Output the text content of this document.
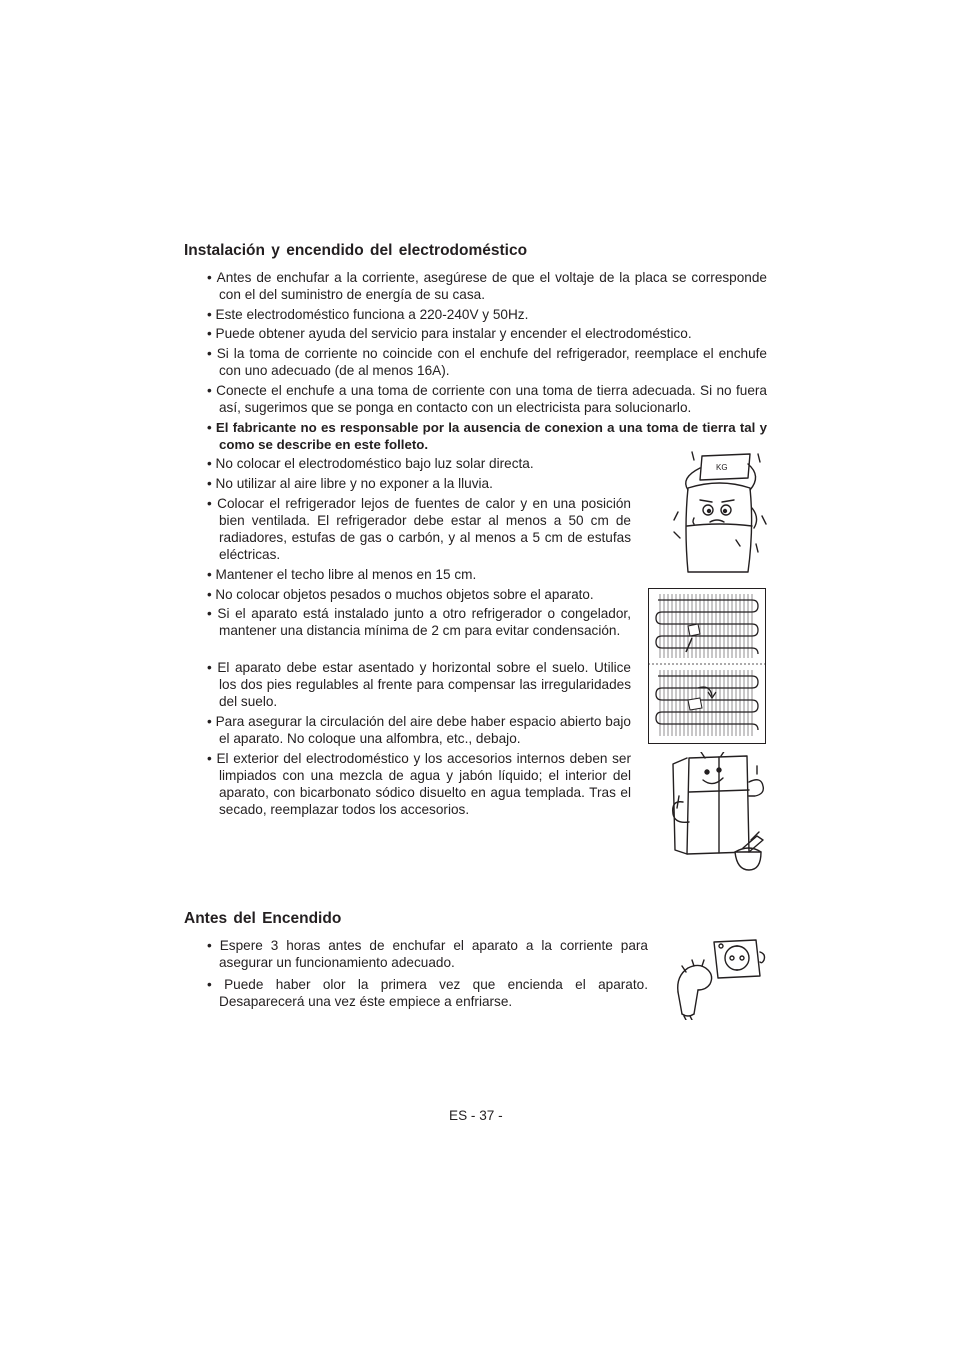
Instalación y encendido del electrodoméstico

• Antes de enchufar a la corriente, asegúrese de que el voltaje de la placa se corresponde con el del suministro de energía de su casa.

• Este electrodoméstico funciona a 220-240V y 50Hz.

• Puede obtener ayuda del servicio para instalar y encender el electrodoméstico.

• Si la toma de corriente no coincide con el enchufe del refrigerador, reemplace el enchufe con uno adecuado (de al menos 16A).

• Conecte el enchufe a una toma de corriente con una toma de tierra adecuada. Si no fuera así, sugerimos que se ponga en contacto con un electricista para solucionarlo.

• El fabricante no es responsable por la ausencia de conexion a una toma de tierra tal y como se describe en este folleto.

• No colocar el electrodoméstico bajo luz solar directa.

• No utilizar al aire libre y no exponer a la lluvia.

• Colocar el refrigerador lejos de fuentes de calor y en una posición bien ventilada. El refrigerador debe estar al menos a 50 cm de radiadores, estufas de gas o carbón, y al menos a 5 cm de estufas eléctricas.

• Mantener el techo libre al menos en 15 cm.

• No colocar objetos pesados o muchos objetos sobre el aparato.

• Si el aparato está instalado junto a otro refrigerador o congelador, mantener una distancia mínima de 2 cm para evitar condensación.

• El aparato debe estar asentado y horizontal sobre el suelo. Utilice los dos pies regulables al frente para compensar las irregularidades del suelo.

• Para asegurar la circulación del aire debe haber espacio abierto bajo el aparato. No coloque una alfombra, etc., debajo.

• El exterior del electrodoméstico y los accesorios internos deben ser limpiados con una mezcla de agua y jabón líquido; el interior del aparato, con bicarbonato sódico disuelto en agua templada. Tras el secado, reemplazar todos los accesorios.

KG
Antes del Encendido

• Espere 3 horas antes de enchufar el aparato a la corriente para asegurar un funcionamiento adecuado.

• Puede haber olor la primera vez que encienda el aparato. Desaparecerá una vez éste empiece a enfriarse.

ES - 37 -
